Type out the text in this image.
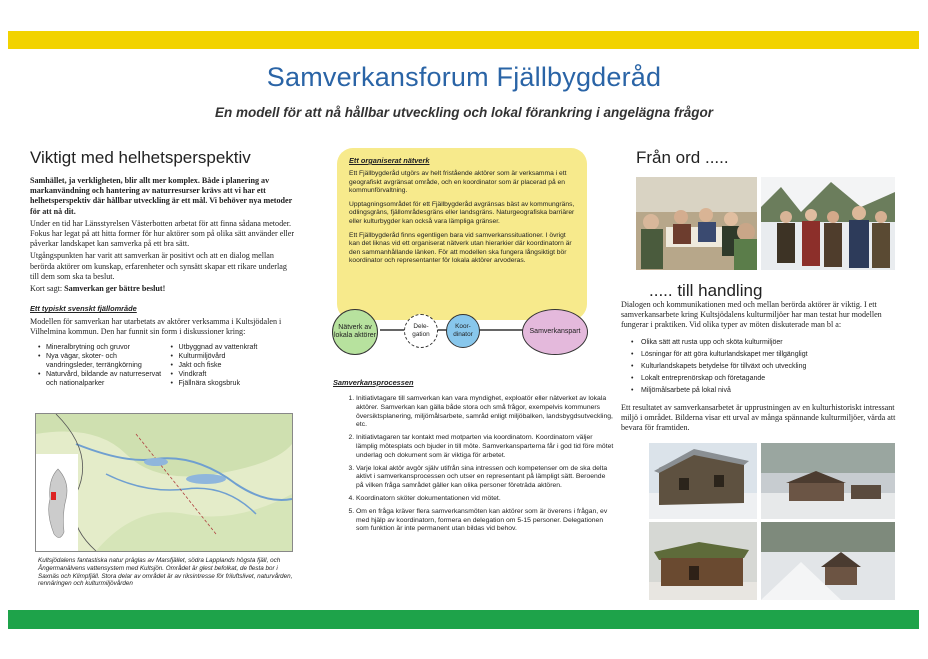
Samverkansforum Fjällbygderåd
En modell för att nå hållbar utveckling och lokal förankring i angelägna frågor
Viktigt med helhetsperspektiv

Samhället, ja verkligheten, blir allt mer komplex. Både i planering av markanvändning och hantering av naturresurser krävs att vi har ett helhetsperspektiv där hållbar utveckling är ett mål. Vi behöver nya metoder för att nå dit.

Under en tid har Länsstyrelsen Västerbotten arbetat för att finna sådana metoder. Fokus har legat på att hitta former för hur aktörer som på olika sätt använder eller påverkar landskapet kan samverka på ett bra sätt.

Utgångspunkten har varit att samverkan är positivt och att en dialog mellan berörda aktörer om kunskap, erfarenheter och synsätt skapar ett rikare underlag till dem som ska ta beslut.

Kort sagt: Samverkan ger bättre beslut!

Ett typiskt svenskt fjällområde

Modellen för samverkan har utarbetats av aktörer verksamma i Kultsjödalen i Vilhelmina kommun. Den har funnit sin form i diskussioner kring:

• Mineralbrytning och gruvor
• Nya vägar, skoter- och vandringsleder, terrängkörning
• Naturvård, bildande av naturreservat och nationalparker
• Utbyggnad av vattenkraft
• Kulturmiljövård
• Jakt och fiske
• Vindkraft
• Fjällnära skogsbruk
Kultsjödalens fantastiska natur präglas av Marsfjället, södra Lapplands högsta fjäll, och Ångermanälvens vattensystem med Kultsjön. Området är glest befolkat, de flesta bor i Saxnäs och Klimpfjäll. Stora delar av området är av riksintresse för friluftslivet, naturvården, rennäringen och kulturmiljövården
Ett organiserat nätverk

Ett Fjällbygderåd utgörs av helt fristående aktörer som är verksamma i ett geografiskt avgränsat område, och en koordinator som är placerad på en kommunförvaltning.

Upptagningsområdet för ett Fjällbygderåd avgränsas bäst av kommungräns, odlingsgräns, fjällområdesgräns eller landsgräns. Naturgeografiska barriärer eller kulturbygder kan också vara lämpliga gränser.

Ett Fjällbygderåd finns egentligen bara vid samverkanssituationer. I övrigt kan det liknas vid ett organiserat nätverk utan hierarkier där koordinatorn är den sammanhållande länken. För att modellen ska fungera långsiktigt bör koordinator och representanter för lokala aktörer arvoderas.

Nätverk av lokala aktörer
Dele- gation
Koor- dinator	Samverkanspart
Samverkansprocessen
1. Initiativtagare till samverkan kan vara myndighet, exploatör eller nätverket av lokala aktörer. Samverkan kan gälla både stora och små frågor, exempelvis kommuners översiktsplanering, miljömålsarbete, samråd enligt miljöbalken, landsbygdsutveckling, etc.
2. Initiativtagaren tar kontakt med motparten via koordinatorn. Koordinatorn väljer lämplig mötesplats och bjuder in till möte. Samverkansparterna får i god tid före mötet underlag och dokument som är viktiga för arbetet.
3. Varje lokal aktör avgör själv utifrån sina intressen och kompetenser om de ska delta aktivt i samverkansprocessen och utser en representant på lämpligt sätt. Beroende på vilken fråga samrådet gäller kan olika personer företräda aktören.
4. Koordinatorn sköter dokumentationen vid mötet.
5. Om en fråga kräver flera samverkansmöten kan aktörer som är överens i frågan, ev med hjälp av koordinatorn, formera en delegation om 5-15 personer. Delegationen som funktion är inte permanent utan bildas vid behov.
Från ord .....
..... till handling

Dialogen och kommunikationen med och mellan berörda aktörer är viktig. I ett samverkansarbete kring Kultsjödalens kulturmiljöer har man testat hur modellen fungerar i praktiken. Vid olika typer av möten diskuterade man bl a:

• Olika sätt att rusta upp och sköta kulturmiljöer
• Lösningar för att göra kulturlandskapet mer tillgängligt
• Kulturlandskapets betydelse för tillväxt och utveckling
• Lokalt entreprenörskap och företagande
• Miljömålsarbete på lokal nivå

Ett resultatet av samverkansarbetet är upprustningen av en kulturhistoriskt intressant miljö i området. Bilderna visar ett urval av många spännande kulturmiljöer, värda att bevara för framtiden.
